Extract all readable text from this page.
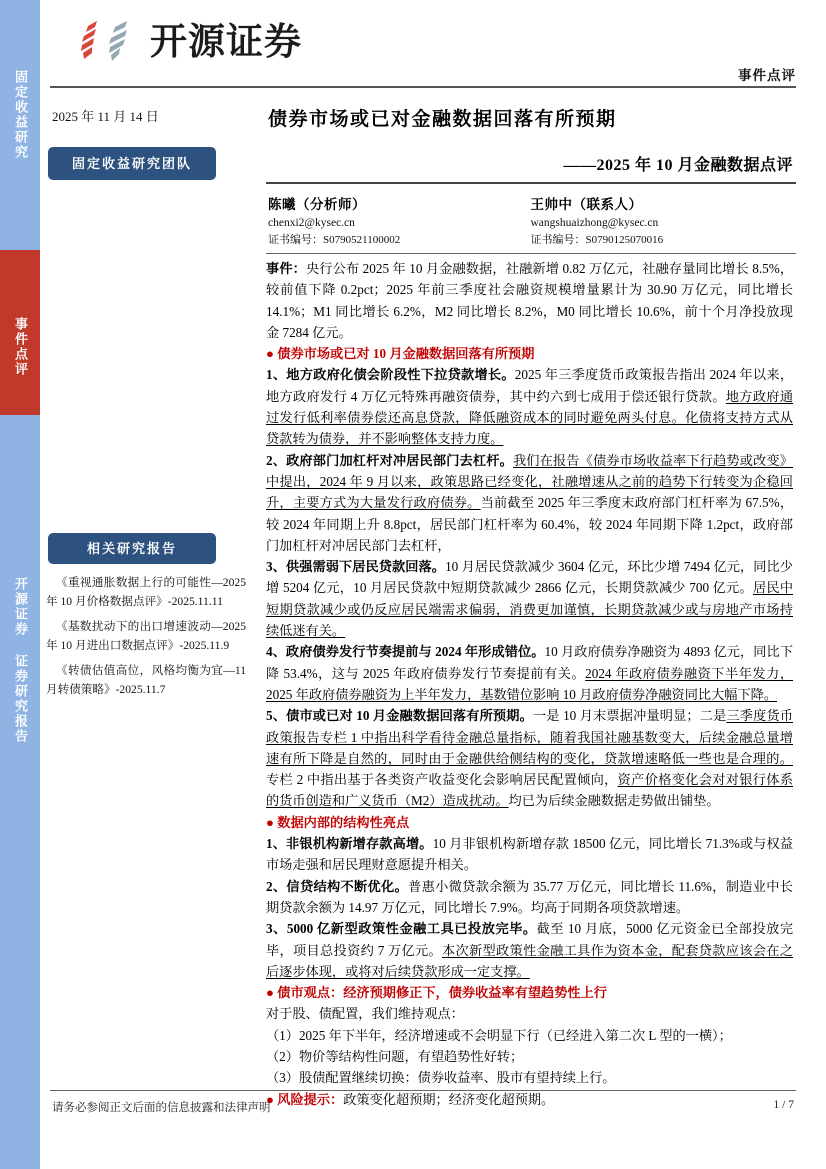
固定收益研究
事件点评
开源证券 证券研究报告
开源证券
事件点评
2025 年 11 月 14 日
固定收益研究团队
债券市场或已对金融数据回落有所预期
——2025 年 10 月金融数据点评
陈曦（分析师）
chenxi2@kysec.cn
证书编号：S0790521100002
王帅中（联系人）
wangshuaizhong@kysec.cn
证书编号：S0790125070016
相关研究报告
《重视通胀数据上行的可能性—2025 年 10 月价格数据点评》-2025.11.11
《基数扰动下的出口增速波动—2025 年 10 月进出口数据点评》-2025.11.9
《转债估值高位，风格均衡为宜—11 月转债策略》-2025.11.7

事件：央行公布 2025 年 10 月金融数据，社融新增 0.82 万亿元，社融存量同比增长 8.5%，较前值下降 0.2pct；2025 年前三季度社会融资规模增量累计为 30.90 万亿元，同比增长 14.1%；M1 同比增长 6.2%，M2 同比增长 8.2%，M0 同比增长 10.6%，前十个月净投放现金 7284 亿元。

● 债券市场或已对 10 月金融数据回落有所预期

1、地方政府化债会阶段性下拉贷款增长。2025 年三季度货币政策报告指出 2024 年以来，地方政府发行 4 万亿元特殊再融资债券，其中约六到七成用于偿还银行贷款。地方政府通过发行低利率债券偿还高息贷款，降低融资成本的同时避免两头付息。化债将支持方式从贷款转为债券，并不影响整体支持力度。

2、政府部门加杠杆对冲居民部门去杠杆。我们在报告《债券市场收益率下行趋势或改变》中提出，2024 年 9 月以来，政策思路已经变化，社融增速从之前的趋势下行转变为企稳回升，主要方式为大量发行政府债券。当前截至 2025 年三季度末政府部门杠杆率为 67.5%，较 2024 年同期上升 8.8pct，居民部门杠杆率为 60.4%，较 2024 年同期下降 1.2pct，政府部门加杠杆对冲居民部门去杠杆，

3、供强需弱下居民贷款回落。10 月居民贷款减少 3604 亿元，环比少增 7494 亿元，同比少增 5204 亿元，10 月居民贷款中短期贷款减少 2866 亿元，长期贷款减少 700 亿元。居民中短期贷款减少或仍反应居民端需求偏弱，消费更加谨慎，长期贷款减少或与房地产市场持续低迷有关。

4、政府债券发行节奏提前与 2024 年形成错位。10 月政府债券净融资为 4893 亿元，同比下降 53.4%，这与 2025 年政府债券发行节奏提前有关。2024 年政府债券融资下半年发力，2025 年政府债券融资为上半年发力，基数错位影响 10 月政府债券净融资同比大幅下降。

5、债市或已对 10 月金融数据回落有所预期。一是 10 月末票据冲量明显；二是三季度货币政策报告专栏 1 中指出科学看待金融总量指标，随着我国社融基数变大，后续金融总量增速有所下降是自然的，同时由于金融供给侧结构的变化，贷款增速略低一些也是合理的。专栏 2 中指出基于各类资产收益变化会影响居民配置倾向，资产价格变化会对对银行体系的货币创造和广义货币（M2）造成扰动。均已为后续金融数据走势做出铺垫。

● 数据内部的结构性亮点

1、非银机构新增存款高增。10 月非银机构新增存款 18500 亿元，同比增长 71.3%或与权益市场走强和居民理财意愿提升相关。

2、信贷结构不断优化。普惠小微贷款余额为 35.77 万亿元，同比增长 11.6%，制造业中长期贷款余额为 14.97 万亿元，同比增长 7.9%。均高于同期各项贷款增速。

3、5000 亿新型政策性金融工具已投放完毕。截至 10 月底，5000 亿元资金已全部投放完毕，项目总投资约 7 万亿元。本次新型政策性金融工具作为资本金，配套贷款应该会在之后逐步体现，或将对后续贷款形成一定支撑。

● 债市观点：经济预期修正下，债券收益率有望趋势性上行

对于股、债配置，我们维持观点：

（1）2025 年下半年，经济增速或不会明显下行（已经进入第二次 L 型的一横）；

（2）物价等结构性问题，有望趋势性好转；

（3）股债配置继续切换：债券收益率、股市有望持续上行。

● 风险提示：政策变化超预期；经济变化超预期。

请务必参阅正文后面的信息披露和法律声明	1 / 7
